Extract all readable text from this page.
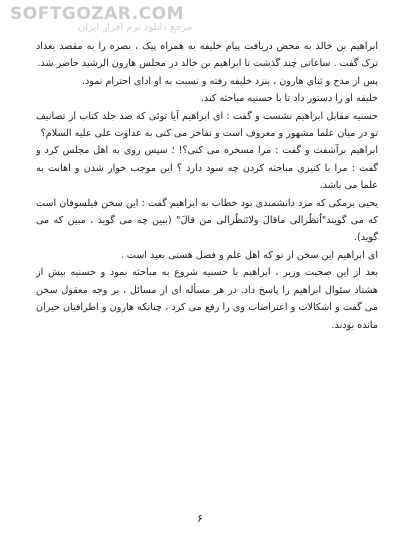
SOFTGOZAR.COM
مرجع دانلود نرم افزار ایران

ابراهیم بن خالد به محض دریافت پیام خلیفه به همراه پیک ، بصره را به مقصد بغداد ترک گفت . ساعاتی چند گذشت تا ابراهیم بن خالد در مجلس هارون الرشید حاضر شد.

پس از مدح و ثنای هارون ، بنزد خلیفه رفته و نسبت به او ادای احترام نمود.

خلیفه او را دستور داد تا با حسنیه مباحثه کند.

حسنیه مقابل ابراهیم نشست و گفت : ای ابراهیم آیا توئی که صد جلد کتاب از تصانیف تو در میان علما مشهور و معروف است و تفاخر می کنی به عداوت علی علیه السلام؟

ابراهیم برآشفت و گفت : مرا مسخره می کنی؟! ؛ سپس روی به اهل مجلس کرد و گفت : مرا با کنیزی مباحثه کردن چه سود دارد ؟ این موجب خوار شدن و اهانت به علما می باشد.

یحیی برمکی که مرد دانشمندی بود خطاب به ابراهیم گفت : این سخن فیلسوفان است که می گویند"اُنظُرالی ماقالَ ولاتَنظُرالی من قالَ" (ببین چه می گوید ، مبین که می گوید).

ای ابراهیم این سخن از تو که اهل علم و فضل هستی بعید است .

بعد از این صحبت وزیر ، ابراهیم با حسنیه شروع به مباحثه نمود و حسنیه بیش از هشتاد سئوال ابراهیم را پاسخ داد. در هر مسأله ای از مسائل ، بر وجه معقول سخن می گفت و اشکالات و اعتراضات وی را رفع می کرد ، چنانکه هارون و اطرافیان حیران مانده بودند.

۶
